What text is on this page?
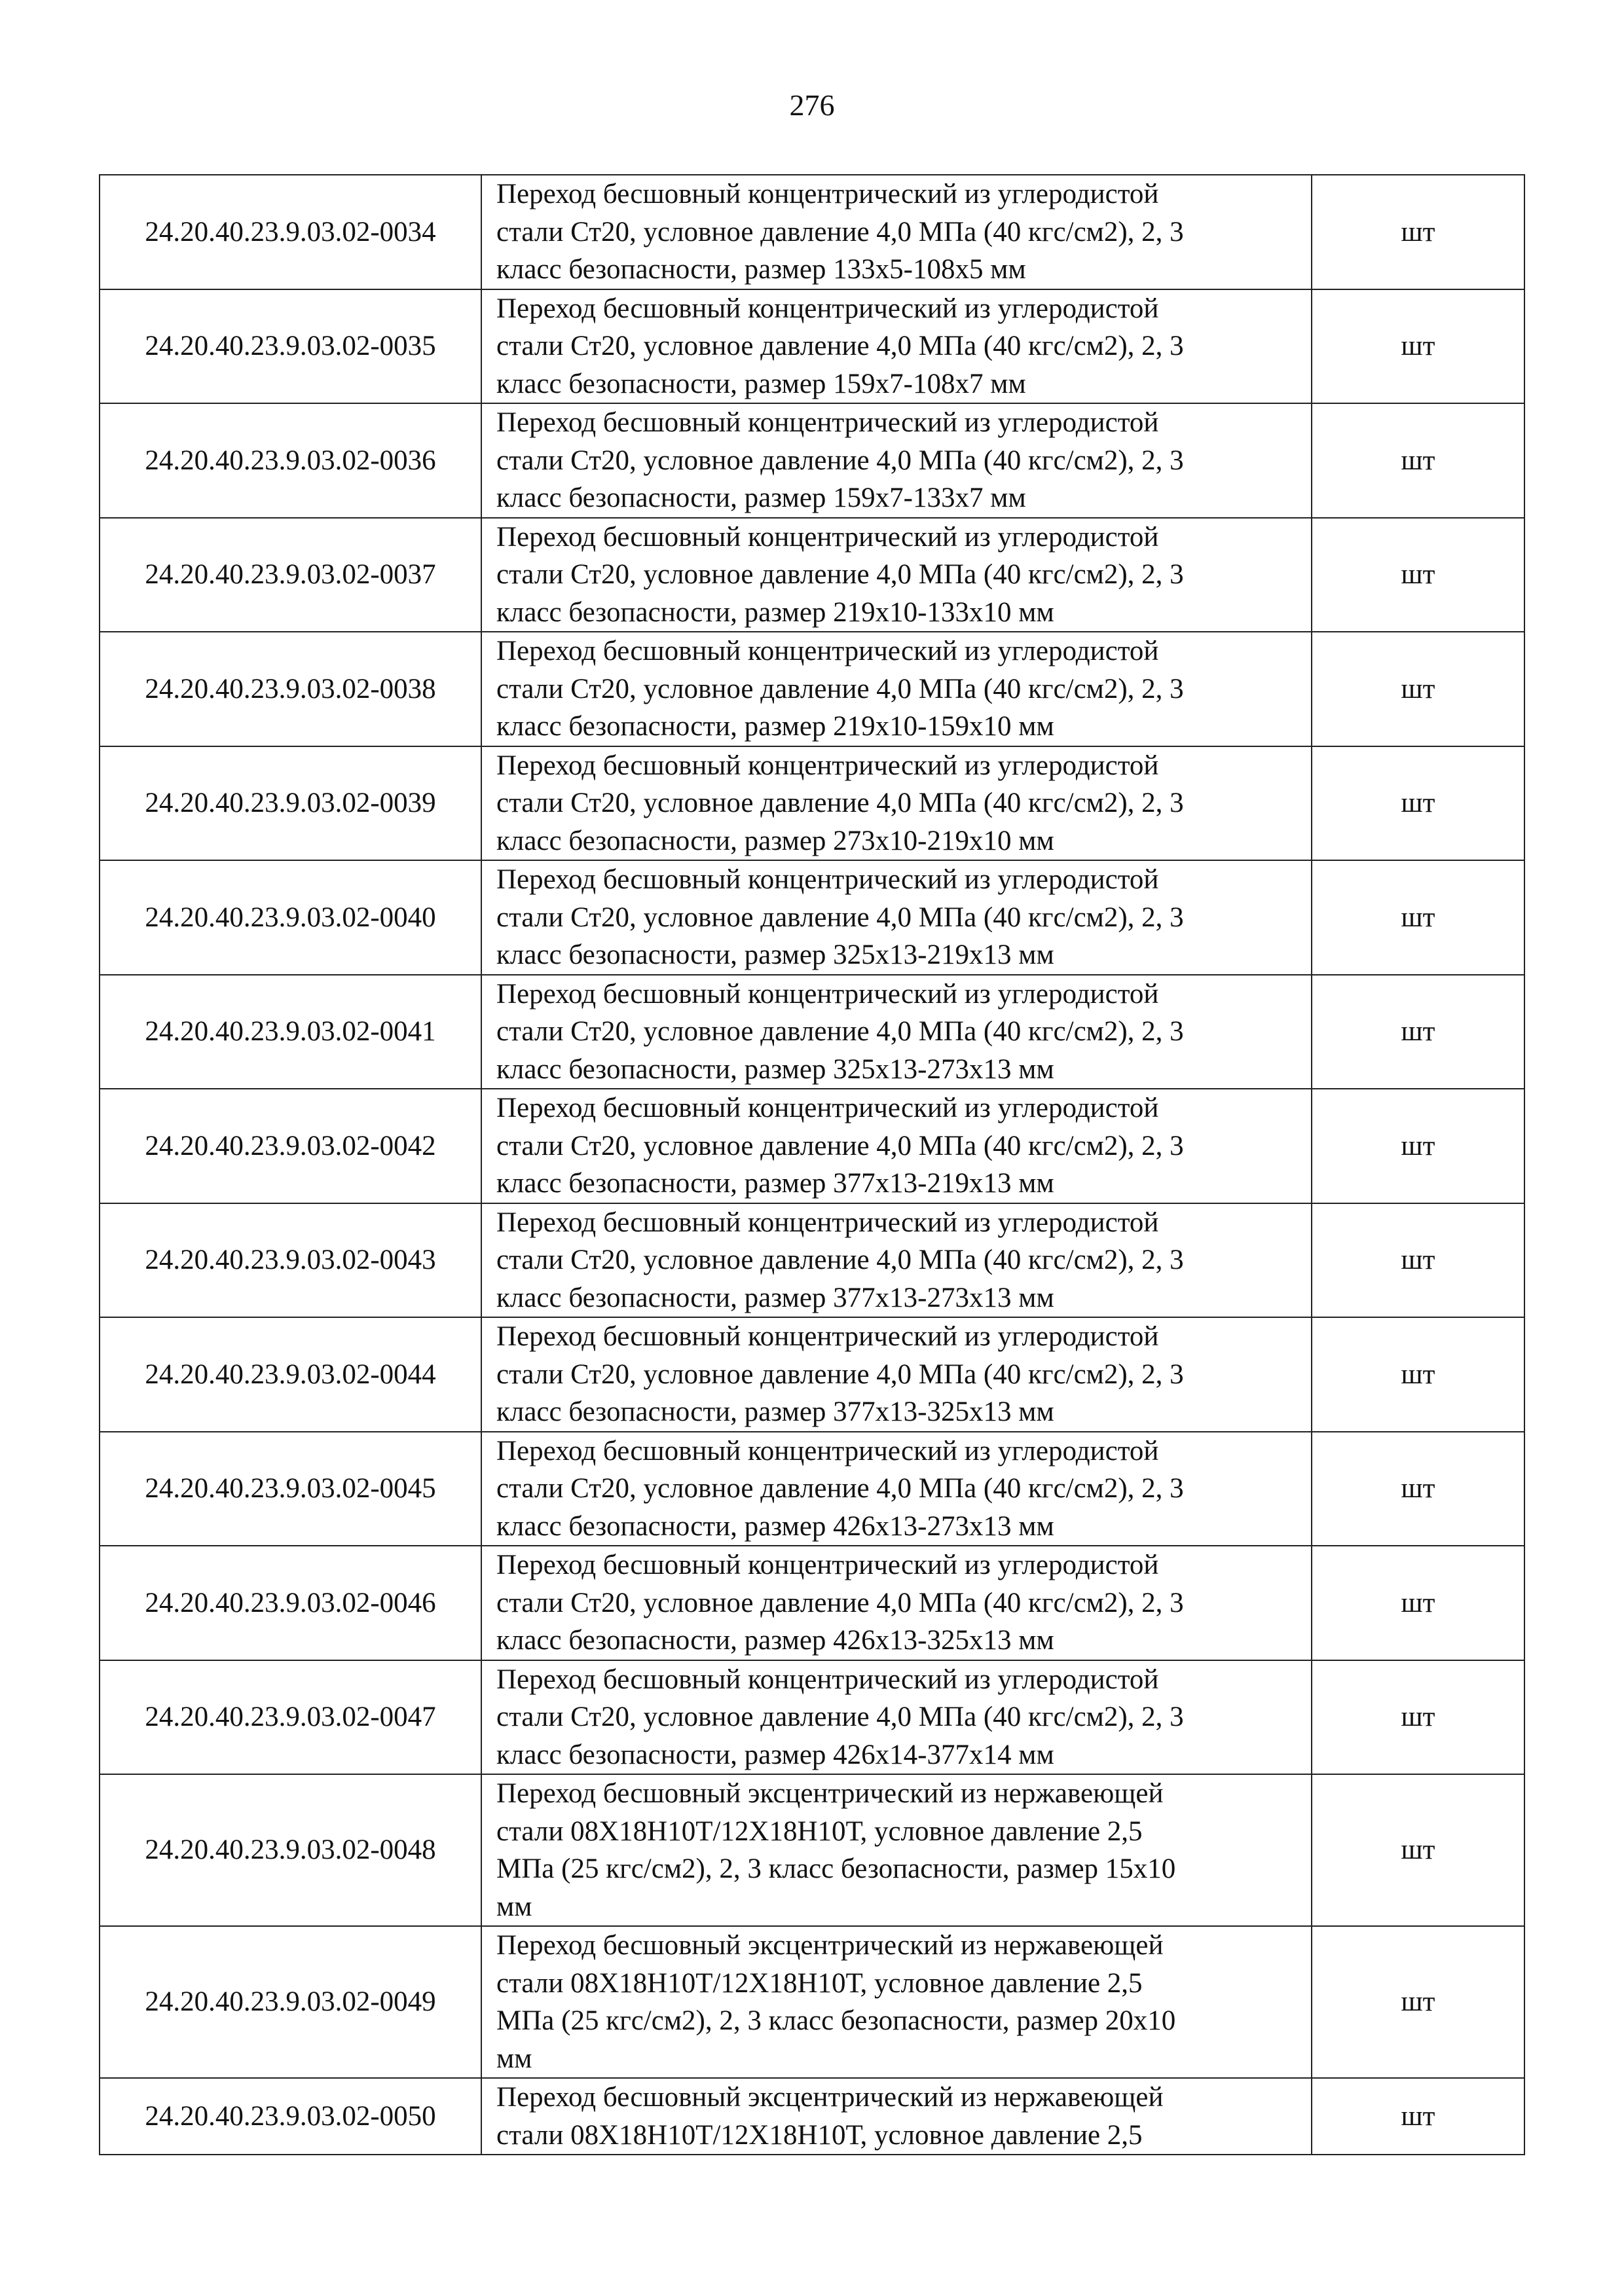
276
24.20.40.23.9.03.02-0034	Переход бесшовный концентрический из углеродистой
стали Ст20, условное давление 4,0 МПа (40 кгс/см2), 2, 3
класс безопасности, размер 133х5-108х5 мм	шт
24.20.40.23.9.03.02-0035	Переход бесшовный концентрический из углеродистой
стали Ст20, условное давление 4,0 МПа (40 кгс/см2), 2, 3
класс безопасности, размер 159х7-108х7 мм	шт
24.20.40.23.9.03.02-0036	Переход бесшовный концентрический из углеродистой
стали Ст20, условное давление 4,0 МПа (40 кгс/см2), 2, 3
класс безопасности, размер 159х7-133х7 мм	шт
24.20.40.23.9.03.02-0037	Переход бесшовный концентрический из углеродистой
стали Ст20, условное давление 4,0 МПа (40 кгс/см2), 2, 3
класс безопасности, размер 219х10-133х10 мм	шт
24.20.40.23.9.03.02-0038	Переход бесшовный концентрический из углеродистой
стали Ст20, условное давление 4,0 МПа (40 кгс/см2), 2, 3
класс безопасности, размер 219х10-159х10 мм	шт
24.20.40.23.9.03.02-0039	Переход бесшовный концентрический из углеродистой
стали Ст20, условное давление 4,0 МПа (40 кгс/см2), 2, 3
класс безопасности, размер 273х10-219х10 мм	шт
24.20.40.23.9.03.02-0040	Переход бесшовный концентрический из углеродистой
стали Ст20, условное давление 4,0 МПа (40 кгс/см2), 2, 3
класс безопасности, размер 325х13-219х13 мм	шт
24.20.40.23.9.03.02-0041	Переход бесшовный концентрический из углеродистой
стали Ст20, условное давление 4,0 МПа (40 кгс/см2), 2, 3
класс безопасности, размер 325х13-273х13 мм	шт
24.20.40.23.9.03.02-0042	Переход бесшовный концентрический из углеродистой
стали Ст20, условное давление 4,0 МПа (40 кгс/см2), 2, 3
класс безопасности, размер 377х13-219х13 мм	шт
24.20.40.23.9.03.02-0043	Переход бесшовный концентрический из углеродистой
стали Ст20, условное давление 4,0 МПа (40 кгс/см2), 2, 3
класс безопасности, размер 377х13-273х13 мм	шт
24.20.40.23.9.03.02-0044	Переход бесшовный концентрический из углеродистой
стали Ст20, условное давление 4,0 МПа (40 кгс/см2), 2, 3
класс безопасности, размер 377х13-325х13 мм	шт
24.20.40.23.9.03.02-0045	Переход бесшовный концентрический из углеродистой
стали Ст20, условное давление 4,0 МПа (40 кгс/см2), 2, 3
класс безопасности, размер 426х13-273х13 мм	шт
24.20.40.23.9.03.02-0046	Переход бесшовный концентрический из углеродистой
стали Ст20, условное давление 4,0 МПа (40 кгс/см2), 2, 3
класс безопасности, размер 426х13-325х13 мм	шт
24.20.40.23.9.03.02-0047	Переход бесшовный концентрический из углеродистой
стали Ст20, условное давление 4,0 МПа (40 кгс/см2), 2, 3
класс безопасности, размер 426х14-377х14 мм	шт
24.20.40.23.9.03.02-0048	Переход бесшовный эксцентрический из нержавеющей
стали 08Х18Н10Т/12Х18Н10Т, условное давление 2,5
МПа (25 кгс/см2), 2, 3 класс безопасности, размер 15х10
мм	шт
24.20.40.23.9.03.02-0049	Переход бесшовный эксцентрический из нержавеющей
стали 08Х18Н10Т/12Х18Н10Т, условное давление 2,5
МПа (25 кгс/см2), 2, 3 класс безопасности, размер 20х10
мм	шт
24.20.40.23.9.03.02-0050	Переход бесшовный эксцентрический из нержавеющей
стали 08Х18Н10Т/12Х18Н10Т, условное давление 2,5	шт
